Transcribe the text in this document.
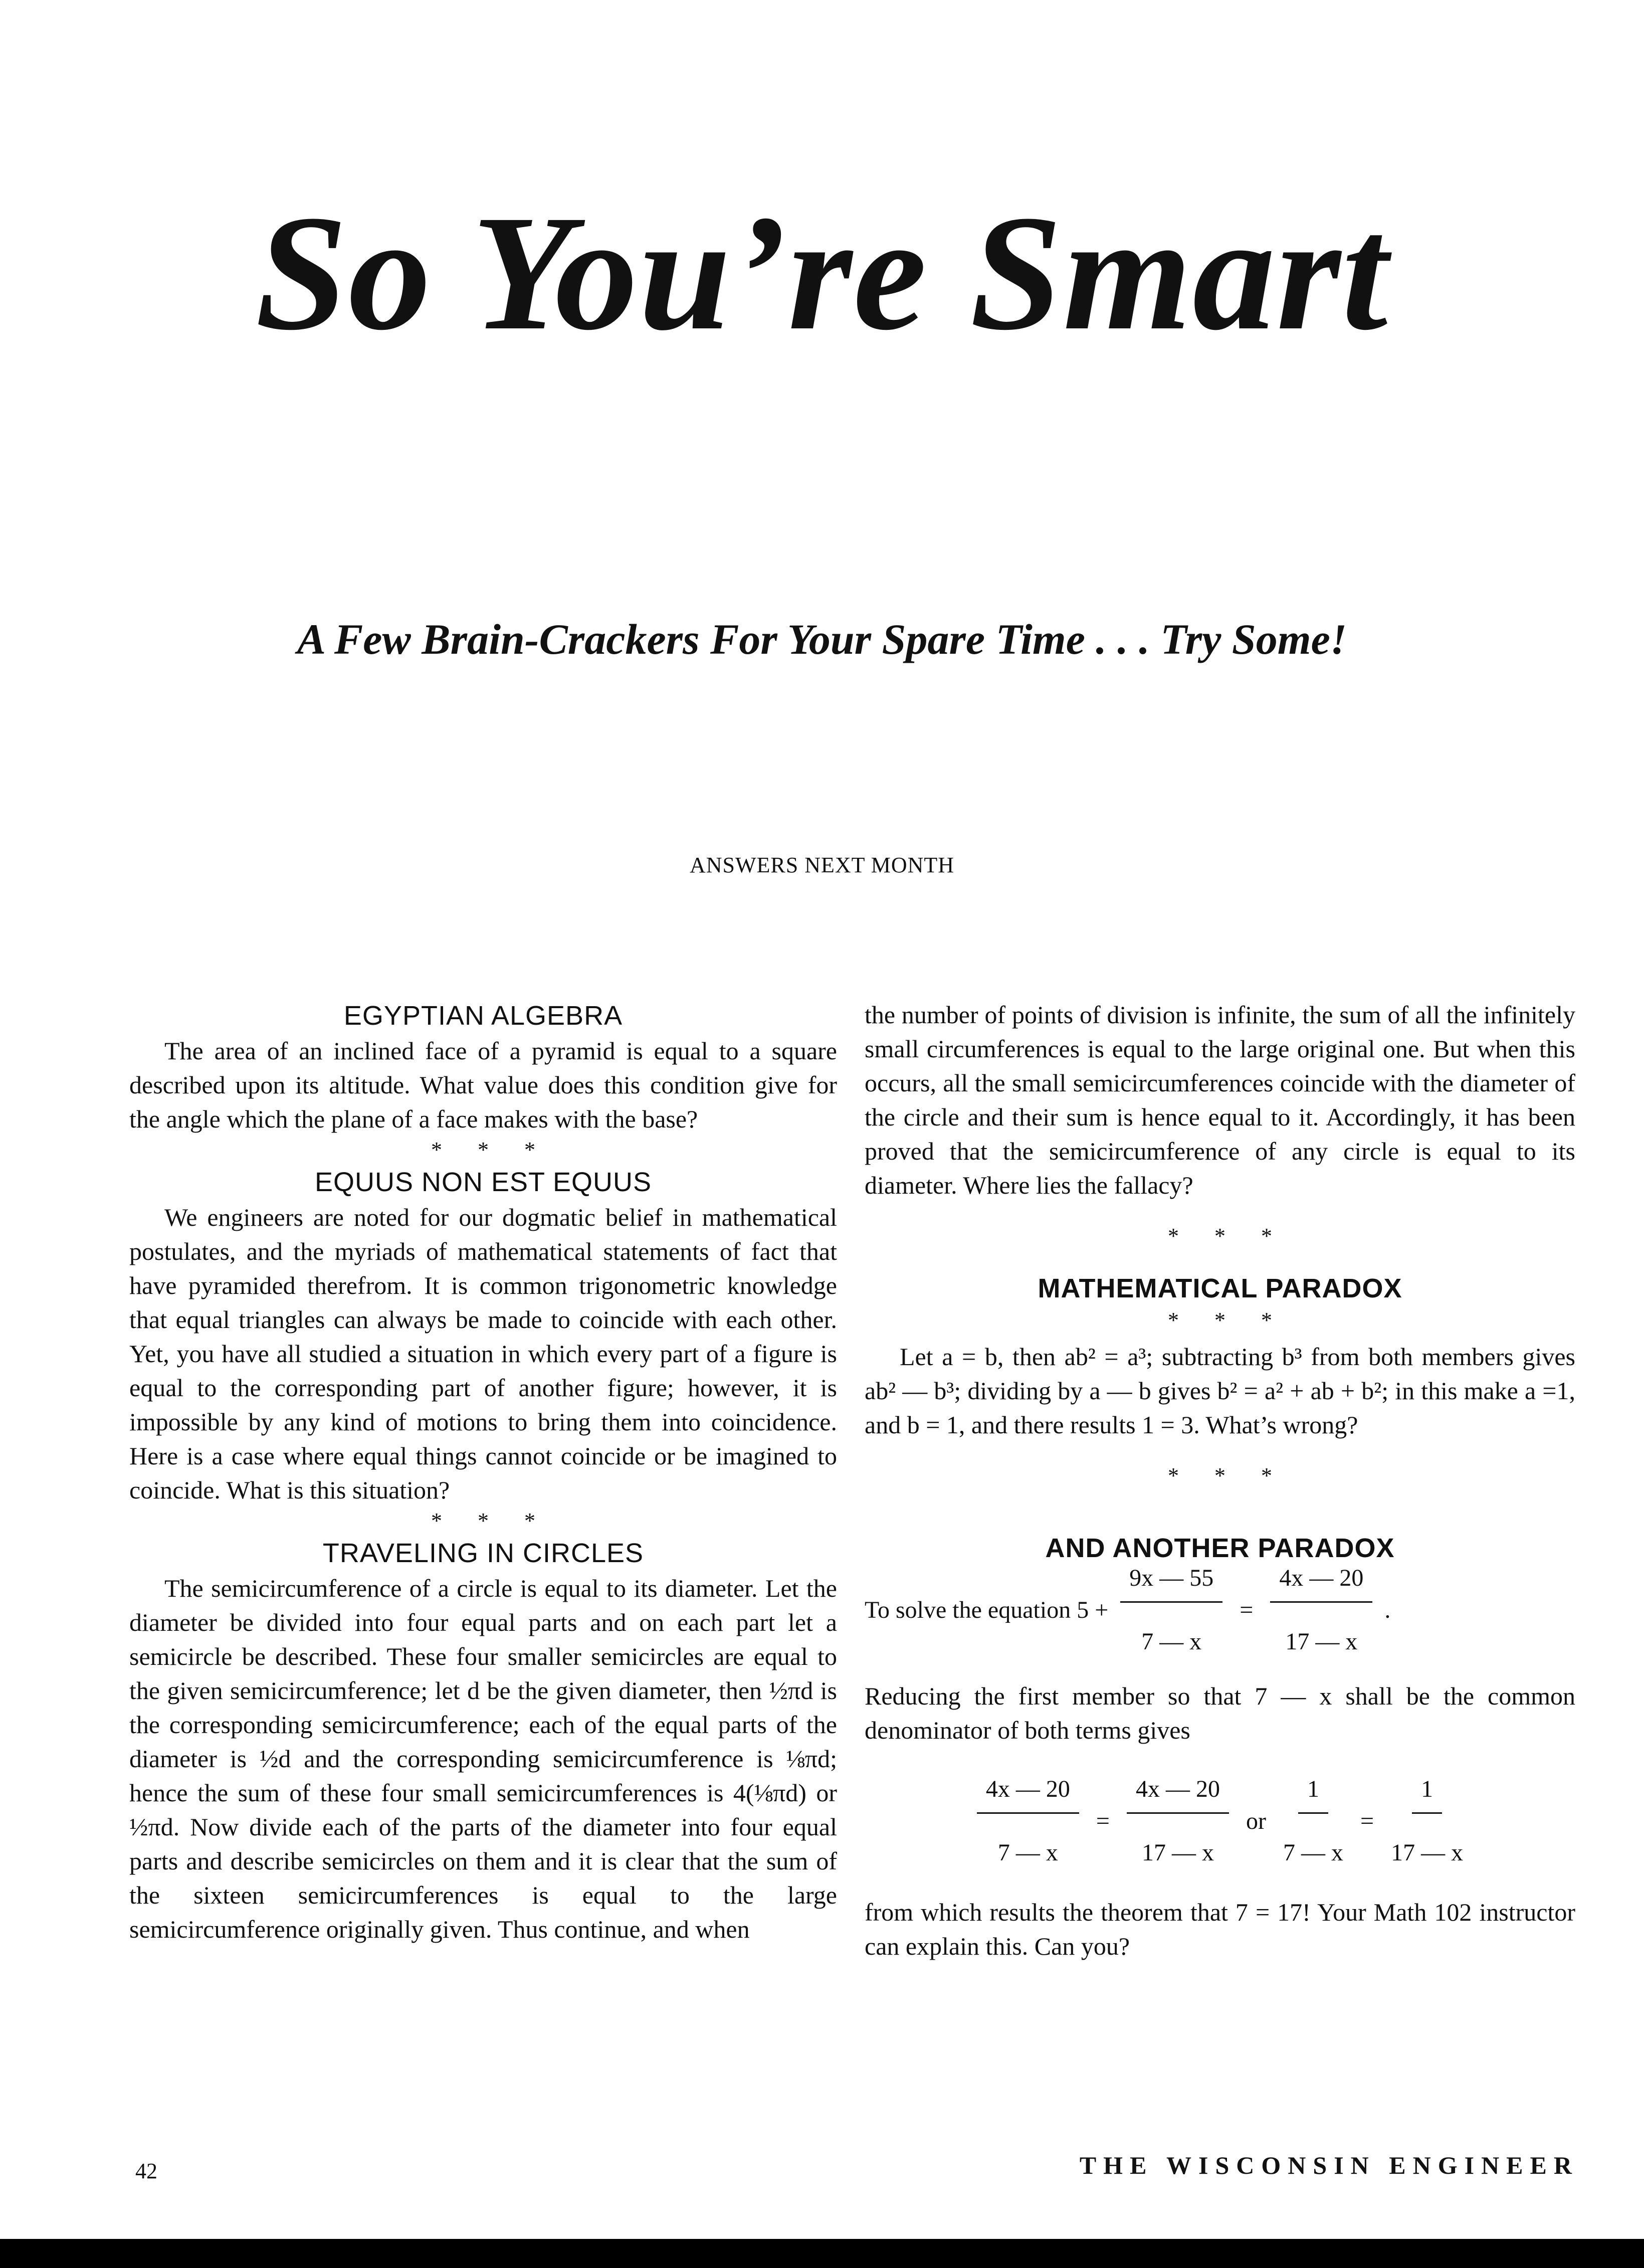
So You’re Smart
A Few Brain-Crackers For Your Spare Time . . . Try Some!
ANSWERS NEXT MONTH
EGYPTIAN ALGEBRA

The area of an inclined face of a pyramid is equal to a square described upon its altitude. What value does this condition give for the angle which the plane of a face makes with the base?

* * *
EQUUS NON EST EQUUS

We engineers are noted for our dogmatic belief in mathematical postulates, and the myriads of mathematical statements of fact that have pyramided therefrom. It is common trigonometric knowledge that equal triangles can always be made to coincide with each other. Yet, you have all studied a situation in which every part of a figure is equal to the corresponding part of another figure; however, it is impossible by any kind of motions to bring them into coincidence. Here is a case where equal things cannot coincide or be imagined to coincide. What is this situation?

* * *
TRAVELING IN CIRCLES

The semicircumference of a circle is equal to its diameter. Let the diameter be divided into four equal parts and on each part let a semicircle be described. These four smaller semicircles are equal to the given semicircumference; let d be the given diameter, then ½πd is the corresponding semicircumference; each of the equal parts of the diameter is ½d and the corresponding semicircumference is ⅛πd; hence the sum of these four small semicircumferences is 4(⅛πd) or ½πd. Now divide each of the parts of the diameter into four equal parts and describe semicircles on them and it is clear that the sum of the sixteen semicircumferences is equal to the large semicircumference originally given. Thus continue, and when

the number of points of division is infinite, the sum of all the infinitely small circumferences is equal to the large original one. But when this occurs, all the small semicircumferences coincide with the diameter of the circle and their sum is hence equal to it. Accordingly, it has been proved that the semicircumference of any circle is equal to its diameter. Where lies the fallacy?

* * *
MATHEMATICAL PARADOX
* * *

Let a = b, then ab² = a³; subtracting b³ from both members gives ab² — b³; dividing by a — b gives b² = a² + ab + b²; in this make a =1, and b = 1, and there results 1 = 3. What’s wrong?

* * *
AND ANOTHER PARADOX
To solve the equation $5 + \frac{9x — 55}{7 — x} = \frac{4x — 20}{17 — x}$ .

Reducing the first member so that 7 — x shall be the common denominator of both terms gives

$\frac{4x — 20}{7 — x} = \frac{4x — 20}{17 — x}$ or $\frac{1}{7 — x} = \frac{1}{17 — x}$

from which results the theorem that 7 = 17! Your Math 102 instructor can explain this. Can you?

42	THE WISCONSIN ENGINEER
